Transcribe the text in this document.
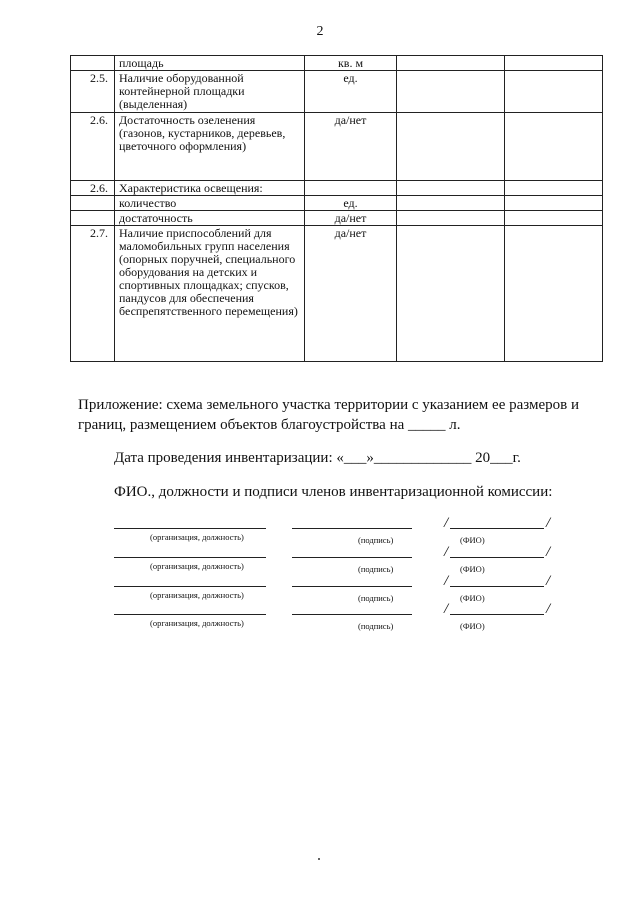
2
	площадь	кв. м		
2.5.	Наличие оборудованной контейнерной площадки (выделенная)	ед.		
2.6.	Достаточность озеленения (газонов, кустарников, деревьев, цветочного оформления)	да/нет		
2.6.	Характеристика освещения:			
	количество	ед.		
	достаточность	да/нет		
2.7.	Наличие приспособлений для маломобильных групп населения (опорных поручней, специального оборудования на детских и спортивных площадках; спусков, пандусов для обеспечения беспрепятственного перемещения)	да/нет		
Приложение: схема земельного участка территории с указанием ее размеров и границ, размещением объектов благоустройства на _____ л.
Дата проведения инвентаризации: «___»_____________ 20___г.
ФИО., должности и подписи членов инвентаризационной комиссии:
(организация, должность)	(подпись)
/	/
(ФИО)
(организация, должность)	(подпись)
/	/
(ФИО)
(организация, должность)	(подпись)
/	/
(ФИО)
(организация, должность)	(подпись)
/	/
(ФИО)
